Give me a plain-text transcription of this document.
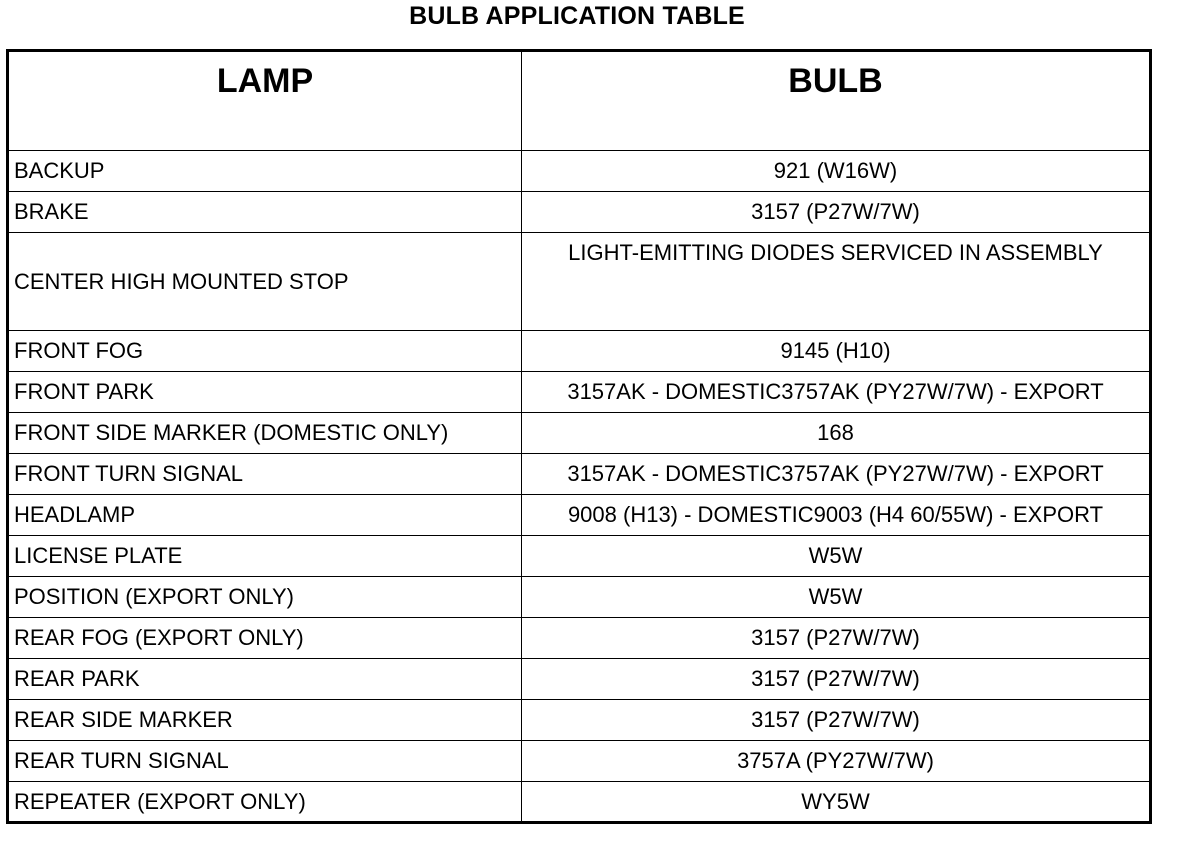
BULB APPLICATION TABLE
LAMP	BULB
BACKUP	921 (W16W)
BRAKE	3157 (P27W/7W)
CENTER HIGH MOUNTED STOP	LIGHT-EMITTING DIODES SERVICED IN ASSEMBLY
FRONT FOG	9145 (H10)
FRONT PARK	3157AK - DOMESTIC3757AK (PY27W/7W) - EXPORT
FRONT SIDE MARKER (DOMESTIC ONLY)	168
FRONT TURN SIGNAL	3157AK - DOMESTIC3757AK (PY27W/7W) - EXPORT
HEADLAMP	9008 (H13) - DOMESTIC9003 (H4 60/55W) - EXPORT
LICENSE PLATE	W5W
POSITION (EXPORT ONLY)	W5W
REAR FOG (EXPORT ONLY)	3157 (P27W/7W)
REAR PARK	3157 (P27W/7W)
REAR SIDE MARKER	3157 (P27W/7W)
REAR TURN SIGNAL	3757A (PY27W/7W)
REPEATER (EXPORT ONLY)	WY5W
